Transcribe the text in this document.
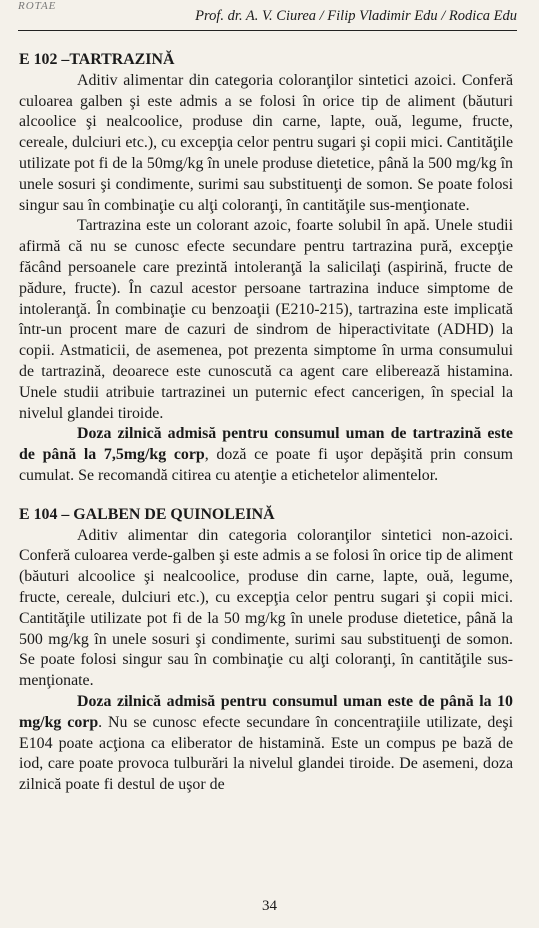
ROTAE
Prof. dr. A. V. Ciurea / Filip Vladimir Edu / Rodica Edu

E 102 –TARTRAZINĂ

Aditiv alimentar din categoria coloranţilor sintetici azoici. Conferă culoarea galben şi este admis a se folosi în orice tip de aliment (băuturi alcoolice şi nealcoolice, produse din carne, lapte, ouă, legume, fructe, cereale, dulciuri etc.), cu excepţia celor pentru sugari şi copii mici. Cantităţile utilizate pot fi de la 50mg/kg în unele produse dietetice, până la 500 mg/kg în unele sosuri şi condimente, surimi sau substituenţi de somon. Se poate folosi singur sau în combinaţie cu alţi coloranţi, în cantităţile sus-menţionate.

Tartrazina este un colorant azoic, foarte solubil în apă. Unele studii afirmă că nu se cunosc efecte secundare pentru tartrazina pură, excepţie făcând persoanele care prezintă intoleranţă la salicilaţi (aspirină, fructe de pădure, fructe). În cazul acestor persoane tartrazina induce simptome de intoleranţă. În combinaţie cu benzoaţii (E210-215), tartrazina este implicată într-un procent mare de cazuri de sindrom de hiperactivitate (ADHD) la copii. Astmaticii, de asemenea, pot prezenta simptome în urma consumului de tartrazină, deoarece este cunoscută ca agent care eliberează histamina. Unele studii atribuie tartrazinei un puternic efect cancerigen, în special la nivelul glandei tiroide.

Doza zilnică admisă pentru consumul uman de tartrazină este de până la 7,5mg/kg corp, doză ce poate fi uşor depăşită prin consum cumulat. Se recomandă citirea cu atenţie a etichetelor alimentelor.

E 104 – GALBEN DE QUINOLEINĂ

Aditiv alimentar din categoria coloranţilor sintetici non-azoici. Conferă culoarea verde-galben şi este admis a se folosi în orice tip de aliment (băuturi alcoolice şi nealcoolice, produse din carne, lapte, ouă, legume, fructe, cereale, dulciuri etc.), cu excepţia celor pentru sugari şi copii mici. Cantităţile utilizate pot fi de la 50 mg/kg în unele produse dietetice, până la 500 mg/kg în unele sosuri şi condimente, surimi sau substituenţi de somon. Se poate folosi singur sau în combinaţie cu alţi coloranţi, în cantităţile sus-menţionate.

Doza zilnică admisă pentru consumul uman este de până la 10 mg/kg corp. Nu se cunosc efecte secundare în concentraţiile utilizate, deşi E104 poate acţiona ca eliberator de histamină. Este un compus pe bază de iod, care poate provoca tulburări la nivelul glandei tiroide. De asemeni, doza zilnică poate fi destul de uşor de

34
